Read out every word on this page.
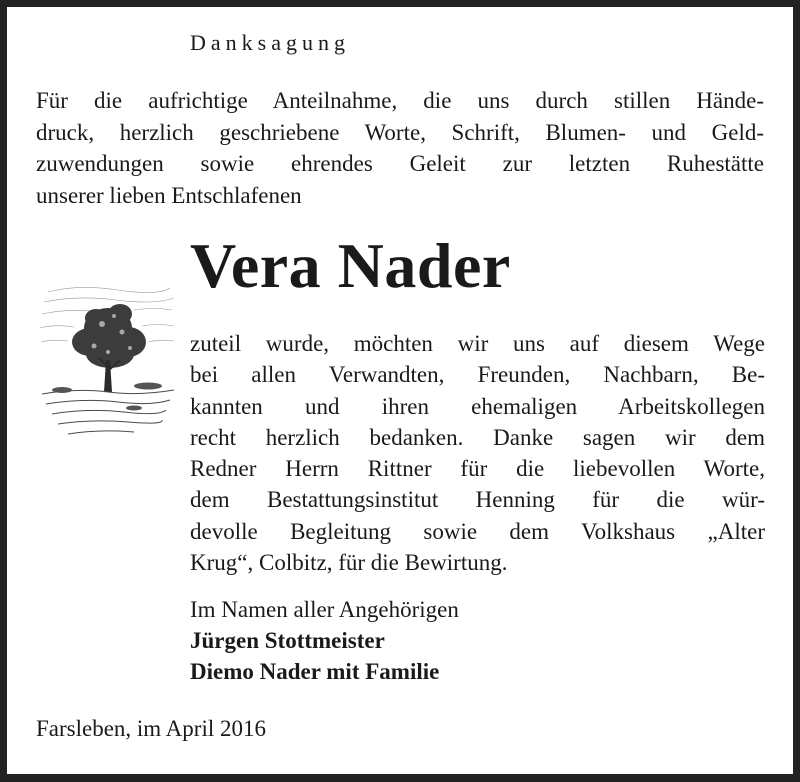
Danksagung
Für die aufrichtige Anteilnahme, die uns durch stillen Hände-
druck, herzlich geschriebene Worte, Schrift, Blumen- und Geld-
zuwendungen sowie ehrendes Geleit zur letzten Ruhestätte
unserer lieben Entschlafenen
Vera Nader
zuteil wurde, möchten wir uns auf diesem Wege
bei allen Verwandten, Freunden, Nachbarn, Be-
kannten und ihren ehemaligen Arbeitskollegen
recht herzlich bedanken. Danke sagen wir dem
Redner Herrn Rittner für die liebevollen Worte,
dem Bestattungsinstitut Henning für die wür-
devolle Begleitung sowie dem Volkshaus „Alter
Krug“, Colbitz, für die Bewirtung.
Im Namen aller Angehörigen
Jürgen Stottmeister
Diemo Nader mit Familie
Farsleben, im April 2016
